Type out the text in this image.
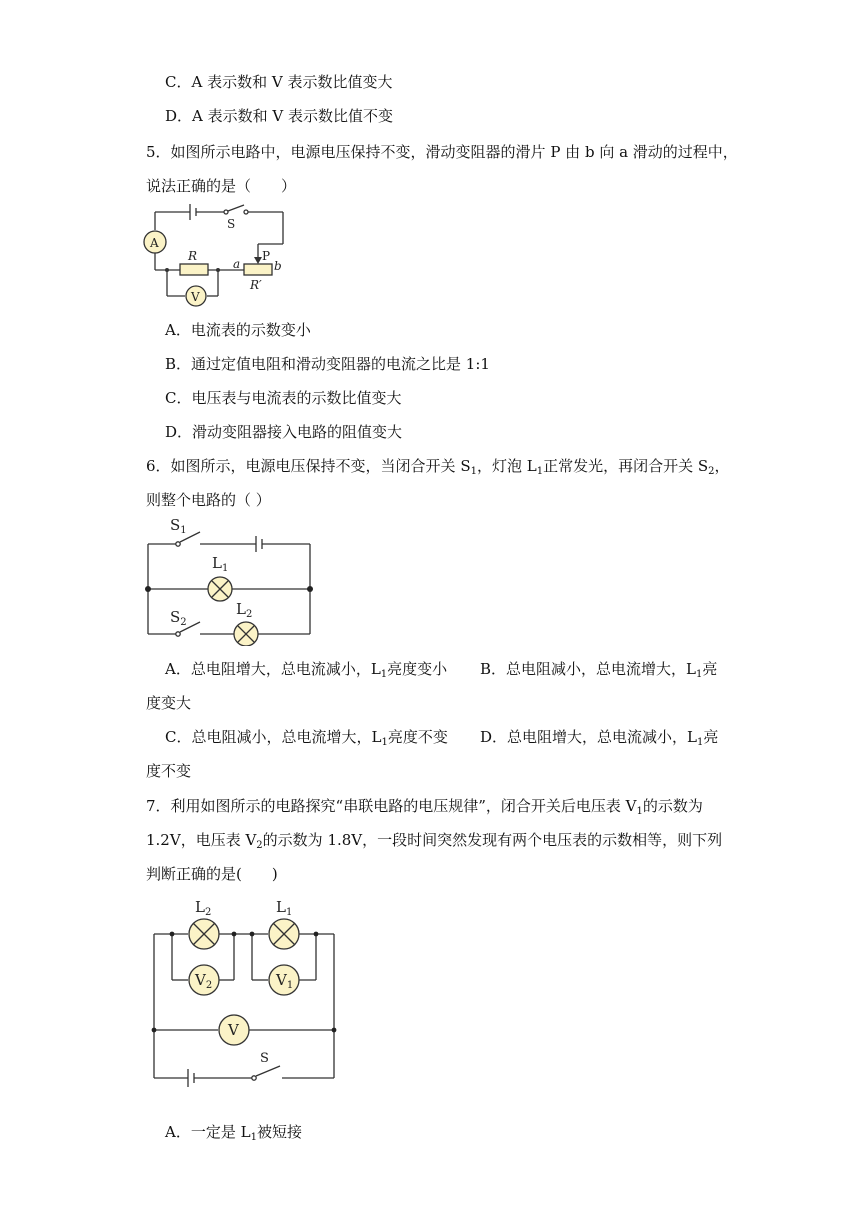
C．A 表示数和 V 表示数比值变大
D．A 表示数和 V 表示数比值不变
5．如图所示电路中，电源电压保持不变，滑动变阻器的滑片 P 由 b 向 a 滑动的过程中，
说法正确的是（　　）
A
V
S
R
R′
P
a	b
A．电流表的示数变小
B．通过定值电阻和滑动变阻器的电流之比是 1:1
C．电压表与电流表的示数比值变大
D．滑动变阻器接入电路的阻值变大
6．如图所示，电源电压保持不变，当闭合开关 $S_1$，灯泡 $L_1$正常发光，再闭合开关 $S_2$，
则整个电路的（ ）
$S_1$
$L_1$
$S_2$
$L_2$
A．总电阻增大，总电流减小，$L_1$亮度变小 B．总电阻减小，总电流增大，$L_1$亮
度变大
C．总电阻减小，总电流增大，$L_1$亮度不变 D．总电阻增大，总电流减小，$L_1$亮
度不变
7．利用如图所示的电路探究“串联电路的电压规律”，闭合开关后电压表 $V_1$的示数为
1.2V，电压表 $V_2$的示数为 1.8V，一段时间突然发现有两个电压表的示数相等，则下列
判断正确的是(　　)
$L_2$	$L_1$
$V_2$	$V_1$
V
S
A．一定是 $L_1$被短接
